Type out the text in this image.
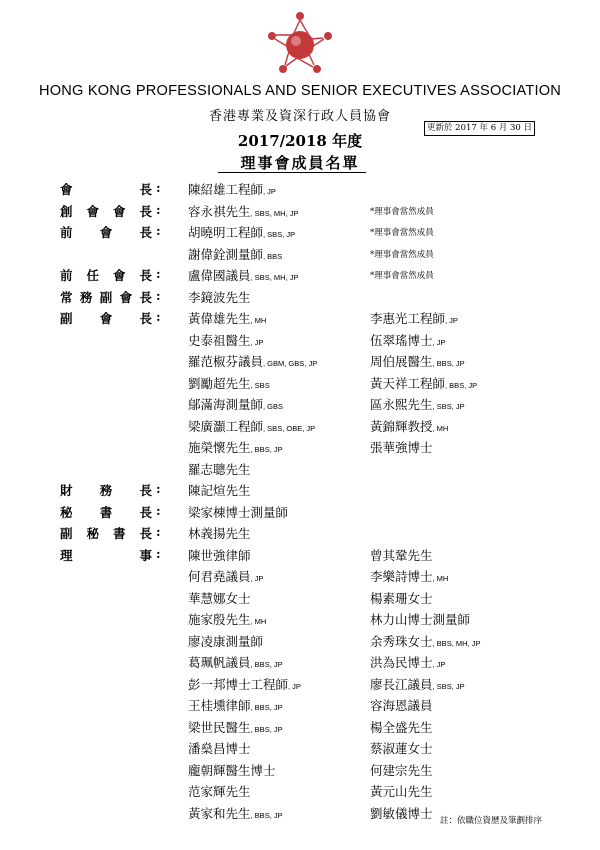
HONG KONG PROFESSIONALS AND SENIOR EXECUTIVES ASSOCIATION
香港專業及資深行政人員協會
更新於 2017 年 6 月 30 日
2017/2018 年度
理事會成員名單
會	長 : 陳紹雄工程師, JP
創 會 會 長 : 容永祺先生, SBS, MH, JP	*理事會當然成員
前 會 長 : 胡曉明工程師, SBS, JP	*理事會當然成員
謝偉銓測量師, BBS	*理事會當然成員
前 任 會 長 : 盧偉國議員, SBS, MH, JP	*理事會當然成員
常 務 副 會 長 : 李鏡波先生
副 會 長 : 黃偉雄先生, MH	李惠光工程師, JP
史泰祖醫生, JP	伍翠瑤博士, JP
羅范椒芬議員, GBM, GBS, JP	周伯展醫生, BBS, JP
劉勵超先生, SBS	黃天祥工程師, BBS, JP
鄔滿海測量師, GBS	區永熙先生, SBS, JP
梁廣灝工程師, SBS, OBE, JP	黃錦輝教授, MH
施榮懷先生, BBS, JP	張華強博士
羅志聰先生
財 務 長 : 陳記煊先生
秘 書 長 : 梁家棟博士測量師
副 秘 書 長 : 林義揚先生
理	事 : 陳世強律師	曾其鞏先生
何君堯議員, JP	李樂詩博士, MH
華慧娜女士	楊素珊女士
施家殷先生, MH	林力山博士測量師
廖凌康測量師	余秀珠女士, BBS, MH, JP
葛珮帆議員, BBS, JP	洪為民博士, JP
彭一邦博士工程師, JP	廖長江議員, SBS, JP
王桂壎律師, BBS, JP	容海恩議員
梁世民醫生, BBS, JP	楊全盛先生
潘燊昌博士	蔡淑蓮女士
龐朝輝醫生博士	何建宗先生
范家輝先生	黃元山先生
黃家和先生, BBS, JP	劉敏儀博士
註：依職位資歷及筆劃排序
